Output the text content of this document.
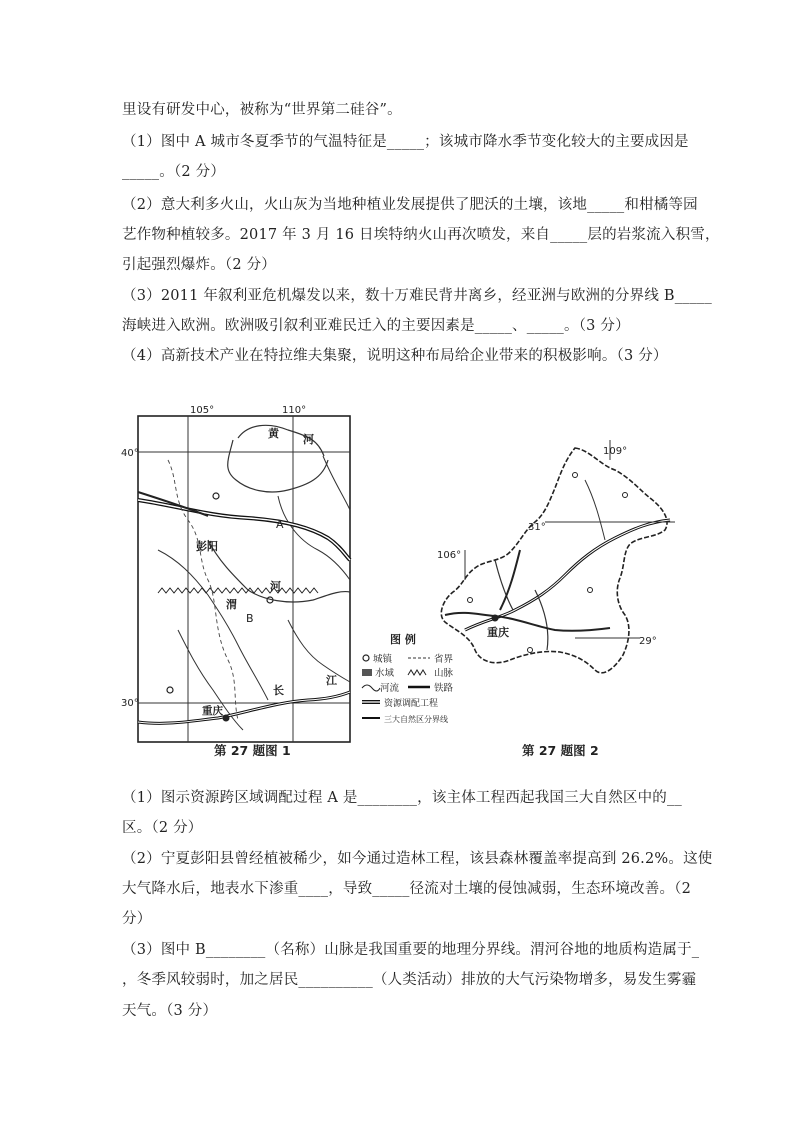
里设有研发中心，被称为“世界第二硅谷”。
（1）图中 A 城市冬夏季节的气温特征是_____；该城市降水季节变化较大的主要成因是
_____。（2 分）
（2）意大利多火山，火山灰为当地种植业发展提供了肥沃的土壤，该地_____和柑橘等园
艺作物种植较多。2017 年 3 月 16 日埃特纳火山再次喷发，来自_____层的岩浆流入积雪，
引起强烈爆炸。（2 分）
（3）2011 年叙利亚危机爆发以来，数十万难民背井离乡，经亚洲与欧洲的分界线 B_____
海峡进入欧洲。欧洲吸引叙利亚难民迁入的主要因素是_____、_____。（3 分）
（4）高新技术产业在特拉维夫集聚，说明这种布局给企业带来的积极影响。（3 分）
105°	110°
40°
30°
黄 河
A
彭阳
渭
河
B
长
江
重庆
图 例
城镇	省界
水域	山脉
河流	铁路
资源调配工程
三大自然区分界线
第 27 题图 1
109°
31°
106°
29°
重庆
第 27 题图 2
（1）图示资源跨区域调配过程 A 是________，该主体工程西起我国三大自然区中的__
区。（2 分）
（2）宁夏彭阳县曾经植被稀少，如今通过造林工程，该县森林覆盖率提高到 26.2%。这使
大气降水后，地表水下渗重____，导致_____径流对土壤的侵蚀减弱，生态环境改善。（2
分）
（3）图中 B________（名称）山脉是我国重要的地理分界线。渭河谷地的地质构造属于_
，冬季风较弱时，加之居民__________（人类活动）排放的大气污染物增多，易发生雾霾
天气。（3 分）
